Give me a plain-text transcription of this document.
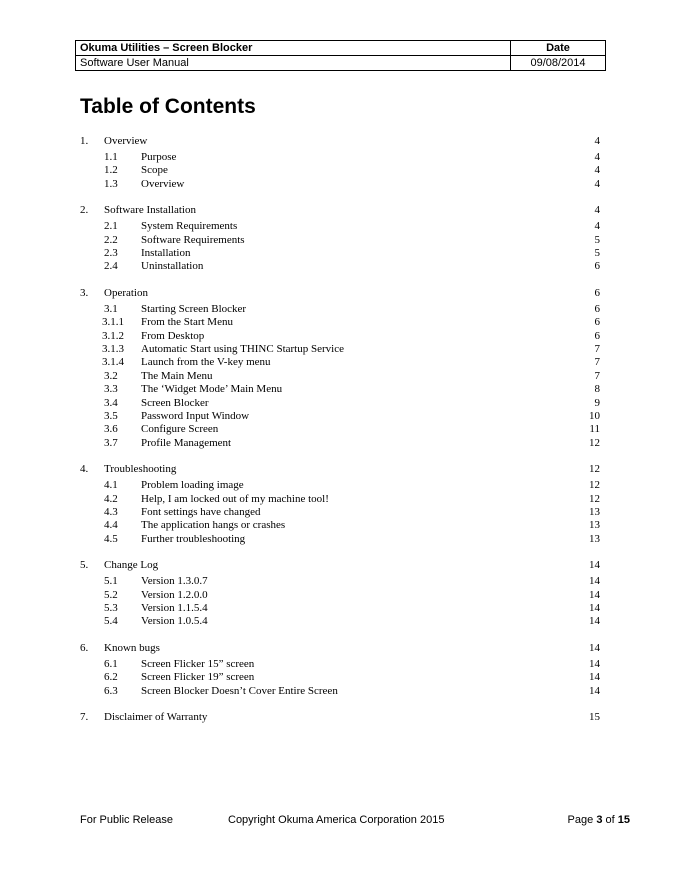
Okuma Utilities – Screen Blocker	Date
Software User Manual	09/08/2014
Table of Contents
1. Overview	4
1.1 Purpose	4
1.2 Scope	4
1.3 Overview	4
2. Software Installation	4
2.1 System Requirements	4
2.2 Software Requirements	5
2.3 Installation	5
2.4 Uninstallation	6
3. Operation	6
3.1 Starting Screen Blocker	6
3.1.1 From the Start Menu	6
3.1.2 From Desktop	6
3.1.3 Automatic Start using THINC Startup Service	7
3.1.4 Launch from the V-key menu	7
3.2 The Main Menu	7
3.3 The ‘Widget Mode’ Main Menu	8
3.4 Screen Blocker	9
3.5 Password Input Window	10
3.6 Configure Screen	11
3.7 Profile Management	12
4. Troubleshooting	12
4.1 Problem loading image	12
4.2 Help, I am locked out of my machine tool!	12
4.3 Font settings have changed	13
4.4 The application hangs or crashes	13
4.5 Further troubleshooting	13
5. Change Log	14
5.1 Version 1.3.0.7	14
5.2 Version 1.2.0.0	14
5.3 Version 1.1.5.4	14
5.4 Version 1.0.5.4	14
6. Known bugs	14
6.1 Screen Flicker 15” screen	14
6.2 Screen Flicker 19” screen	14
6.3 Screen Blocker Doesn’t Cover Entire Screen	14
7. Disclaimer of Warranty	15
For Public Release	Copyright Okuma America Corporation 2015	Page 3 of 15
